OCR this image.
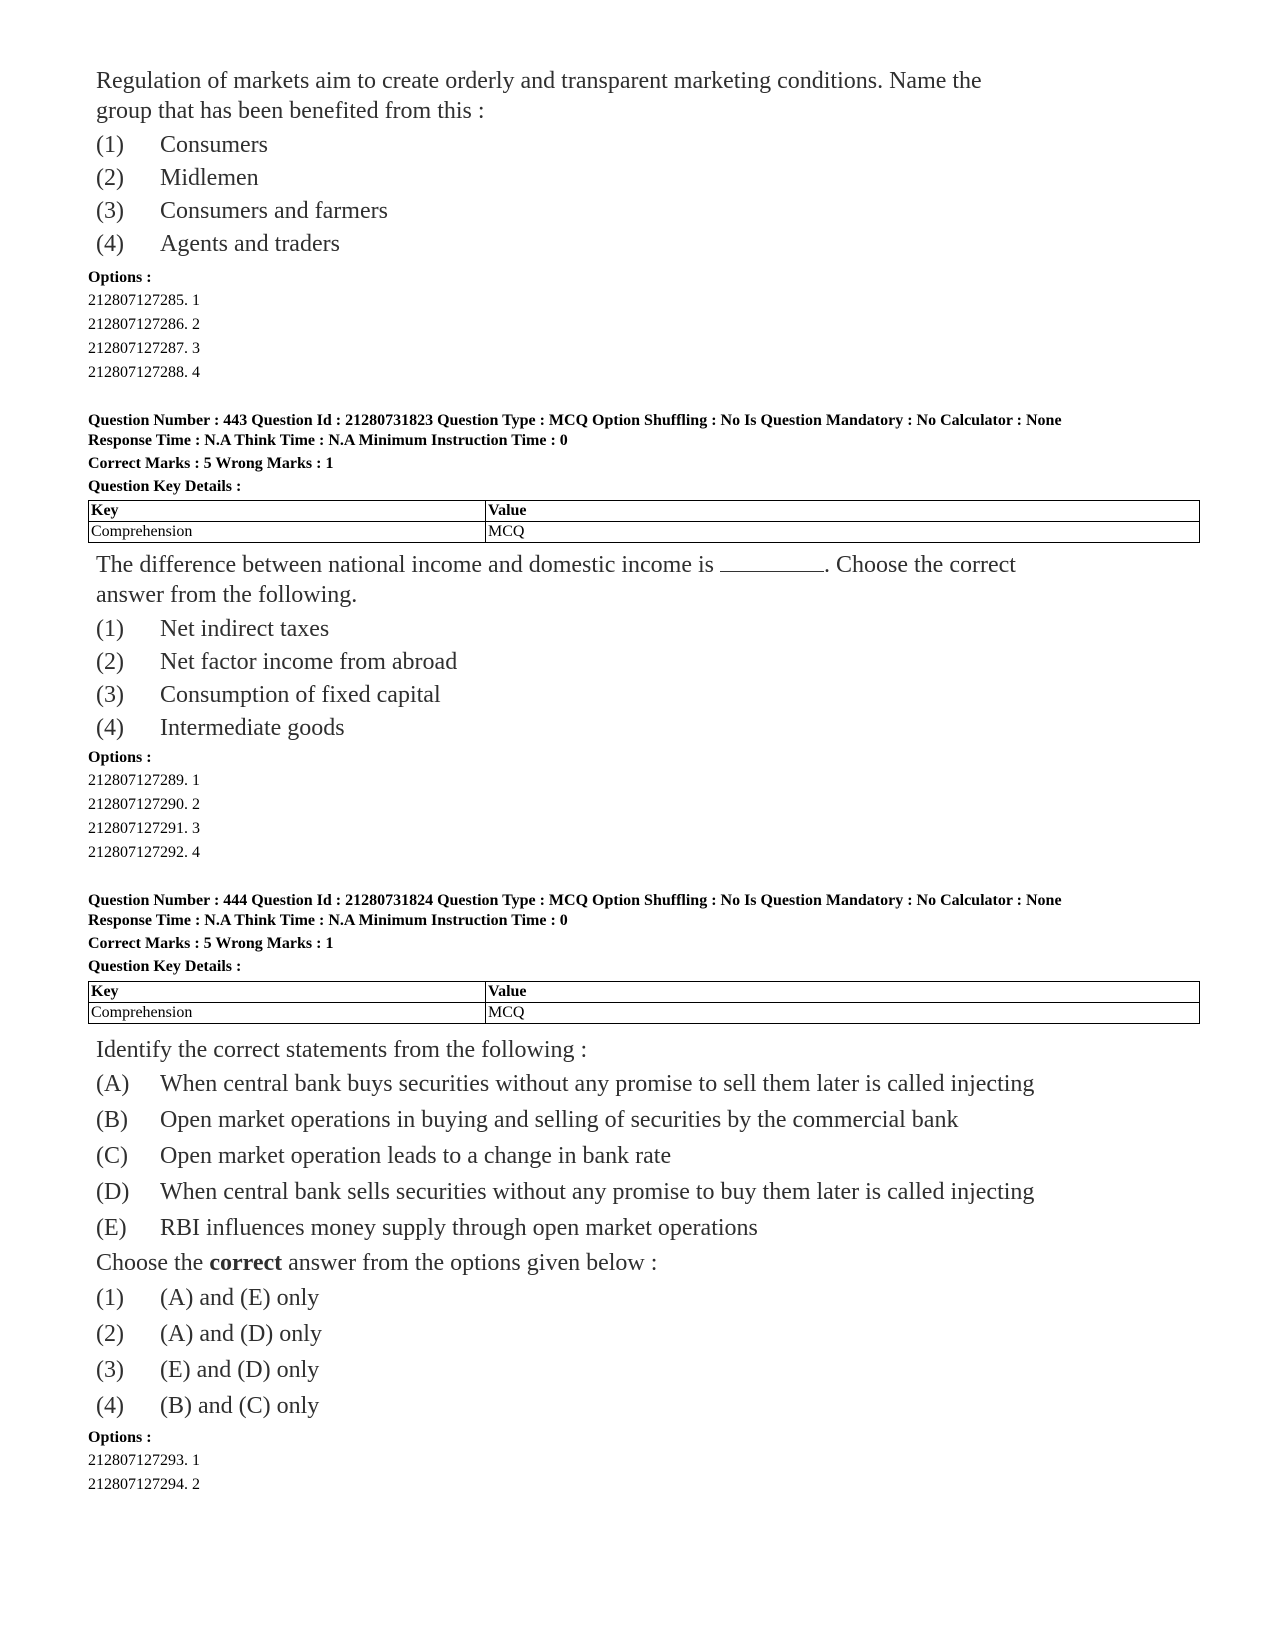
Regulation of markets aim to create orderly and transparent marketing conditions. Name the

group that has been benefited from this :

(1)	Consumers
(2)	Midlemen
(3)	Consumers and farmers
(4)	Agents and traders
Options :
212807127285. 1
212807127286. 2
212807127287. 3
212807127288. 4
Question Number : 443 Question Id : 21280731823 Question Type : MCQ Option Shuffling : No Is Question Mandatory : No Calculator : None
Response Time : N.A Think Time : N.A Minimum Instruction Time : 0
Correct Marks : 5 Wrong Marks : 1
Question Key Details :
Key	Value
Comprehension	MCQ

The difference between national income and domestic income is	. Choose the correct

answer from the following.

(1)	Net indirect taxes
(2)	Net factor income from abroad
(3)	Consumption of fixed capital
(4)	Intermediate goods
Options :
212807127289. 1
212807127290. 2
212807127291. 3
212807127292. 4
Question Number : 444 Question Id : 21280731824 Question Type : MCQ Option Shuffling : No Is Question Mandatory : No Calculator : None
Response Time : N.A Think Time : N.A Minimum Instruction Time : 0
Correct Marks : 5 Wrong Marks : 1
Question Key Details :
Key	Value
Comprehension	MCQ

Identify the correct statements from the following :

(A)	When central bank buys securities without any promise to sell them later is called injecting
(B)	Open market operations in buying and selling of securities by the commercial bank
(C)	Open market operation leads to a change in bank rate
(D)	When central bank sells securities without any promise to buy them later is called injecting
(E)	RBI influences money supply through open market operations

Choose the correct answer from the options given below :

(1)	(A) and (E) only
(2)	(A) and (D) only
(3)	(E) and (D) only
(4)	(B) and (C) only
Options :
212807127293. 1
212807127294. 2
